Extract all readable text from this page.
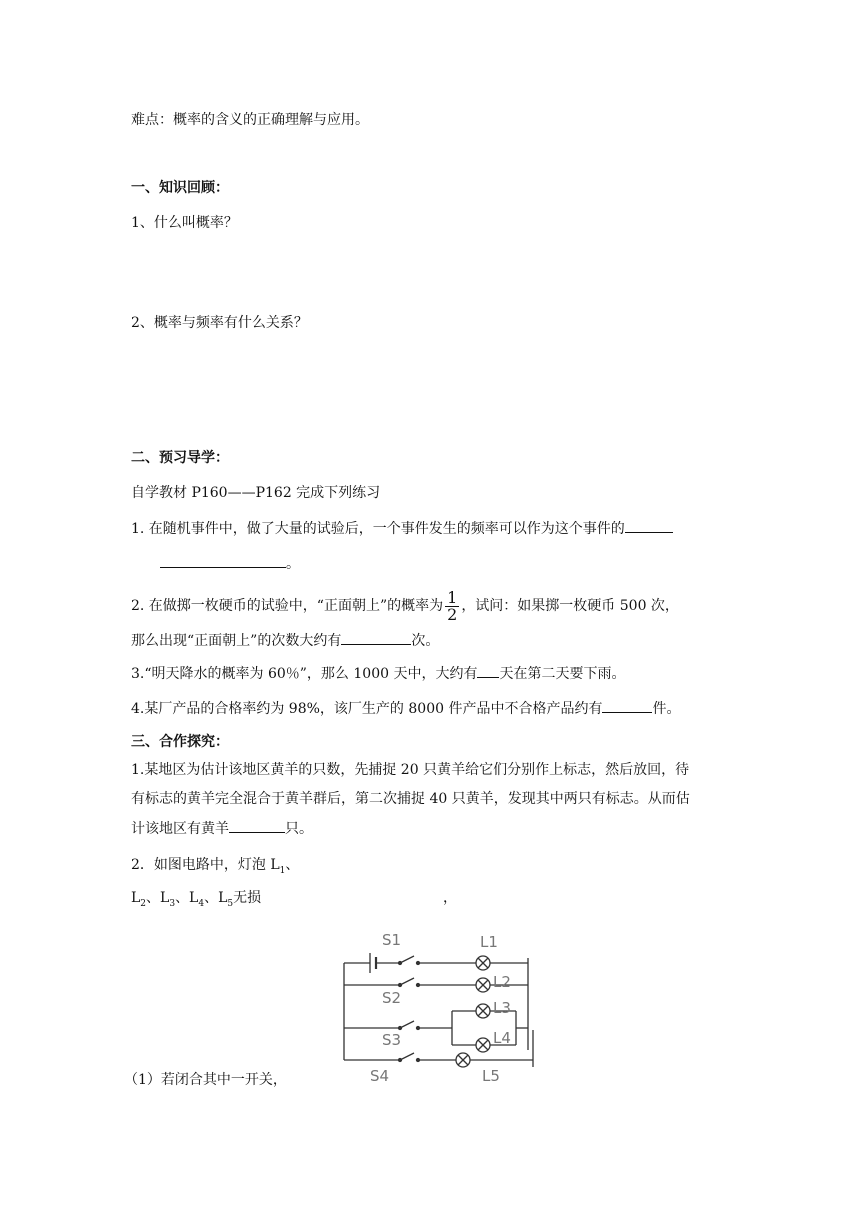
难点：概率的含义的正确理解与应用。
一、知识回顾：
1、什么叫概率？
2、概率与频率有什么关系？
二、预习导学：
自学教材 P160——P162 完成下列练习
1. 在随机事件中，做了大量的试验后，一个事件发生的频率可以作为这个事件的
。
2. 在做掷一枚硬币的试验中，“正面朝上”的概率为 $\frac{1}{2}$ ，试问：如果掷一枚硬币 500 次，
那么出现“正面朝上”的次数大约有	次。
3.“明天降水的概率为 60％”，那么 1000 天中，大约有 天在第二天要下雨。
4.某厂产品的合格率约为 98%，该厂生产的 8000 件产品中不合格产品约有	件。
三、合作探究：
1.某地区为估计该地区黄羊的只数，先捕捉 20 只黄羊给它们分别作上标志，然后放回，待
有标志的黄羊完全混合于黄羊群后，第二次捕捉 40 只黄羊，发现其中两只有标志。从而估
计该地区有黄羊	只。
2．如图电路中，灯泡 $L_1$、
$L_2$、$L_3$、$L_4$、$L_5$无损	，
（1）若闭合其中一开关，
S1
S2
S3
S4
L1
L2
L3
L4
L5
